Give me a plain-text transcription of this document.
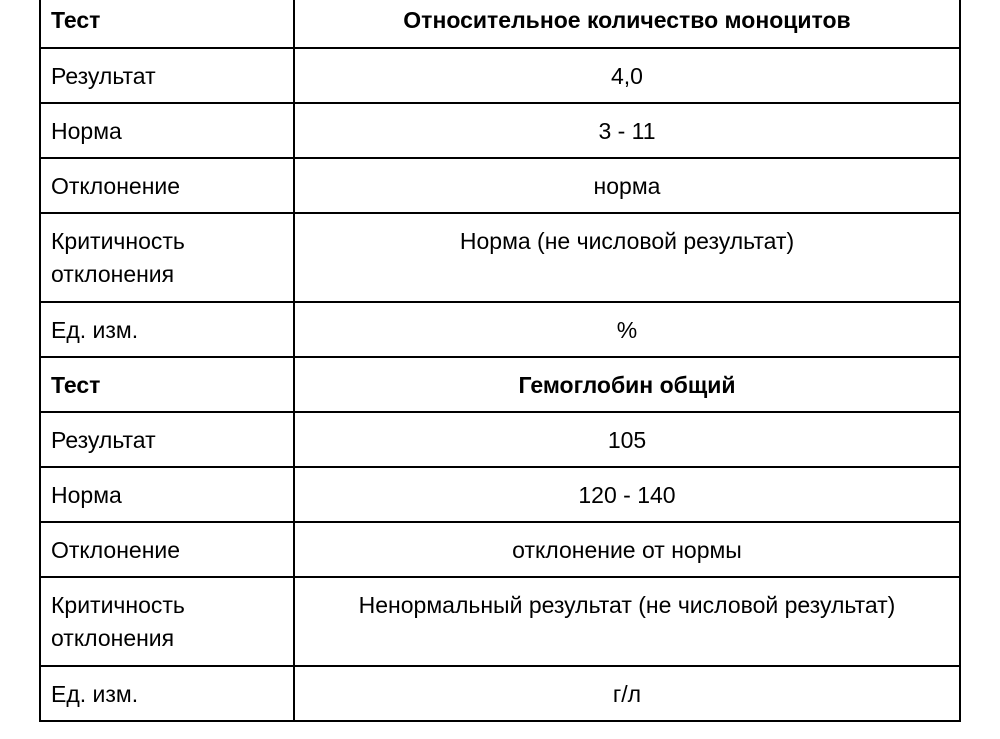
Тест	Относительное количество моноцитов
Результат	4,0
Норма	3 - 11
Отклонение	норма
Критичность отклонения	Норма (не числовой результат)
Ед. изм.	%
Тест	Гемоглобин общий
Результат	105
Норма	120 - 140
Отклонение	отклонение от нормы
Критичность отклонения	Ненормальный результат (не числовой результат)
Ед. изм.	г/л
